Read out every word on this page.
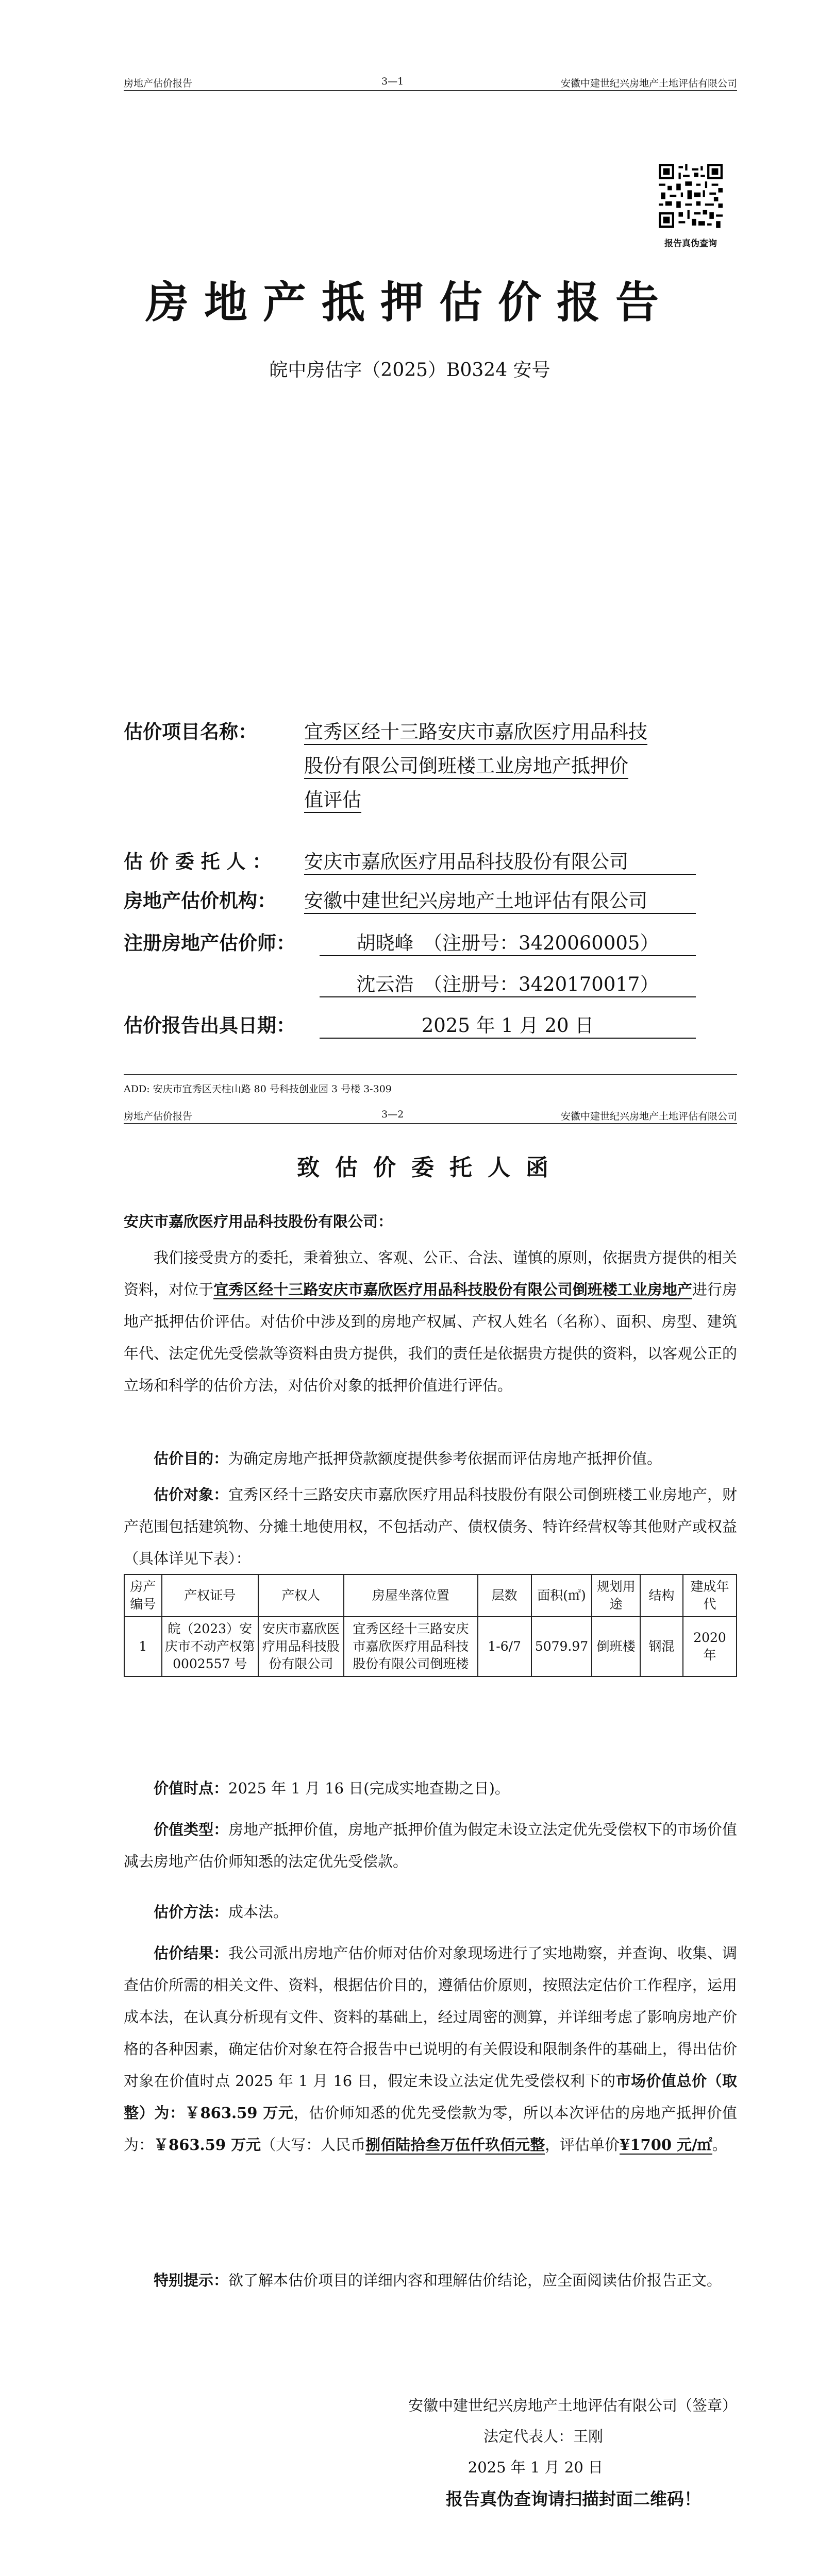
房地产估价报告	3—1	安徽中建世纪兴房地产土地评估有限公司
报告真伪查询
房地产抵押估价报告
皖中房估字（2025）B0324 安号
估价项目名称： 宜秀区经十三路安庆市嘉欣医疗用品科技
股份有限公司倒班楼工业房地产抵押价
值评估
估 价 委 托 人 ： 安庆市嘉欣医疗用品科技股份有限公司
房地产估价机构： 安徽中建世纪兴房地产土地评估有限公司
注册房地产估价师：	胡晓峰　（注册号：3420060005）
沈云浩　（注册号：3420170017）
估价报告出具日期：	2025 年 1 月 20 日
ADD: 安庆市宜秀区天柱山路 80 号科技创业园 3 号楼 3-309
房地产估价报告	3—2	安徽中建世纪兴房地产土地评估有限公司
致估价委托人函
安庆市嘉欣医疗用品科技股份有限公司：
我们接受贵方的委托，秉着独立、客观、公正、合法、谨慎的原则，依据贵方提供的相关资料，对位于宜秀区经十三路安庆市嘉欣医疗用品科技股份有限公司倒班楼工业房地产进行房地产抵押估价评估。对估价中涉及到的房地产权属、产权人姓名（名称）、面积、房型、建筑年代、法定优先受偿款等资料由贵方提供，我们的责任是依据贵方提供的资料，以客观公正的立场和科学的估价方法，对估价对象的抵押价值进行评估。
估价目的：为确定房地产抵押贷款额度提供参考依据而评估房地产抵押价值。
估价对象：宜秀区经十三路安庆市嘉欣医疗用品科技股份有限公司倒班楼工业房地产，财产范围包括建筑物、分摊土地使用权，不包括动产、债权债务、特许经营权等其他财产或权益（具体详见下表）：
房产编号	产权证号	产权人	房屋坐落位置	层数	面积(㎡)	规划用途	结构	建成年代
1	皖（2023）安庆市不动产权第 0002557 号	安庆市嘉欣医疗用品科技股份有限公司	宜秀区经十三路安庆市嘉欣医疗用品科技股份有限公司倒班楼	1-6/7	5079.97	倒班楼	钢混	2020 年
价值时点：2025 年 1 月 16 日(完成实地查勘之日)。
价值类型：房地产抵押价值，房地产抵押价值为假定未设立法定优先受偿权下的市场价值减去房地产估价师知悉的法定优先受偿款。
估价方法：成本法。
估价结果：我公司派出房地产估价师对估价对象现场进行了实地勘察，并查询、收集、调查估价所需的相关文件、资料，根据估价目的，遵循估价原则，按照法定估价工作程序，运用成本法，在认真分析现有文件、资料的基础上，经过周密的测算，并详细考虑了影响房地产价格的各种因素，确定估价对象在符合报告中已说明的有关假设和限制条件的基础上，得出估价对象在价值时点 2025 年 1 月 16 日，假定未设立法定优先受偿权利下的市场价值总价（取整）为：￥863.59 万元，估价师知悉的优先受偿款为零，所以本次评估的房地产抵押价值为：￥863.59 万元（大写：人民币捌佰陆拾叁万伍仟玖佰元整，评估单价¥1700 元/㎡。
特别提示：欲了解本估价项目的详细内容和理解估价结论，应全面阅读估价报告正文。
安徽中建世纪兴房地产土地评估有限公司（签章）
法定代表人：王刚
2025 年 1 月 20 日
报告真伪查询请扫描封面二维码！
